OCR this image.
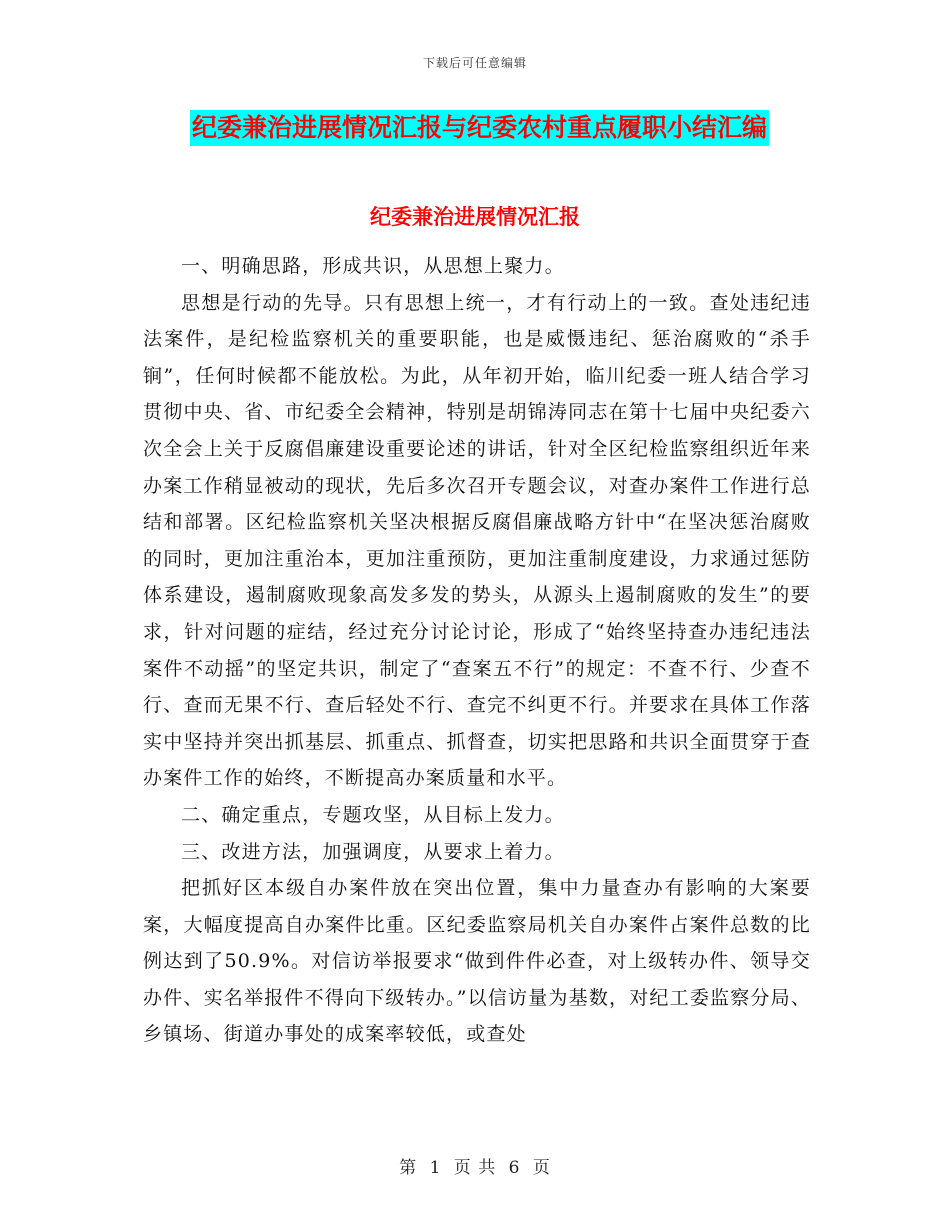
下载后可任意编辑
纪委兼治进展情况汇报与纪委农村重点履职小结汇编
纪委兼治进展情况汇报

一、明确思路，形成共识，从思想上聚力。

思想是行动的先导。只有思想上统一，才有行动上的一致。查处违纪违法案件，是纪检监察机关的重要职能，也是威慑违纪、惩治腐败的“杀手锏”，任何时候都不能放松。为此，从年初开始，临川纪委一班人结合学习贯彻中央、省、市纪委全会精神，特别是胡锦涛同志在第十七届中央纪委六次全会上关于反腐倡廉建设重要论述的讲话，针对全区纪检监察组织近年来办案工作稍显被动的现状，先后多次召开专题会议，对查办案件工作进行总结和部署。区纪检监察机关坚决根据反腐倡廉战略方针中“在坚决惩治腐败的同时，更加注重治本，更加注重预防，更加注重制度建设，力求通过惩防体系建设，遏制腐败现象高发多发的势头，从源头上遏制腐败的发生”的要求，针对问题的症结，经过充分讨论讨论，形成了“始终坚持查办违纪违法案件不动摇”的坚定共识，制定了“查案五不行”的规定：不查不行、少查不行、查而无果不行、查后轻处不行、查完不纠更不行。并要求在具体工作落实中坚持并突出抓基层、抓重点、抓督查，切实把思路和共识全面贯穿于查办案件工作的始终，不断提高办案质量和水平。

二、确定重点，专题攻坚，从目标上发力。

三、改进方法，加强调度，从要求上着力。

把抓好区本级自办案件放在突出位置，集中力量查办有影响的大案要案，大幅度提高自办案件比重。区纪委监察局机关自办案件占案件总数的比例达到了50.9%。对信访举报要求“做到件件必查，对上级转办件、领导交办件、实名举报件不得向下级转办。”以信访量为基数，对纪工委监察分局、乡镇场、街道办事处的成案率较低，或查处

第 1 页 共 6 页
